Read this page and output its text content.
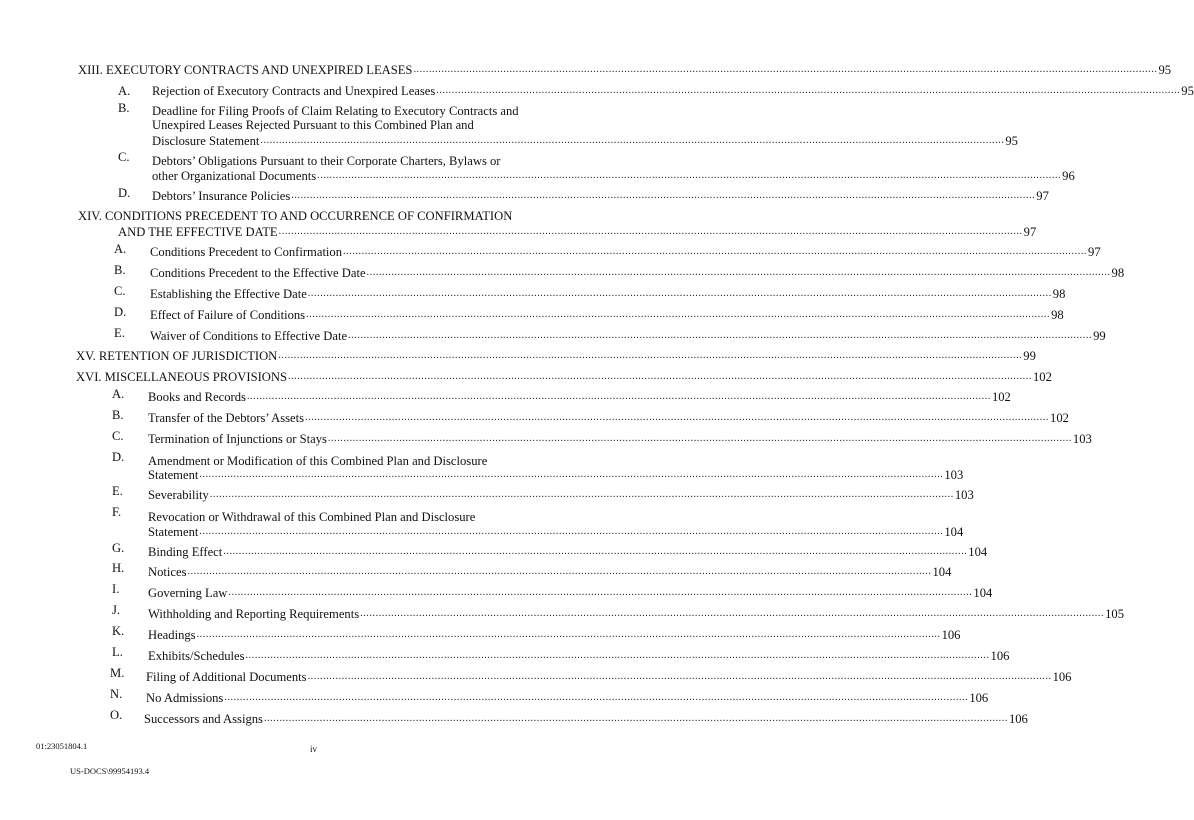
XIII. EXECUTORY CONTRACTS AND UNEXPIRED LEASES ................................................................................................................................................................................................................................................ 95
A. Rejection of Executory Contracts and Unexpired Leases ................................................................................................................................................................................................................................................ 95
B. Deadline for Filing Proofs of Claim Relating to Executory Contracts and
Unexpired Leases Rejected Pursuant to this Combined Plan and
Disclosure Statement ................................................................................................................................................................................................................................................ 95
C. Debtors’ Obligations Pursuant to their Corporate Charters, Bylaws or
other Organizational Documents ................................................................................................................................................................................................................................................ 96
D. Debtors’ Insurance Policies ................................................................................................................................................................................................................................................ 97
XIV. CONDITIONS PRECEDENT TO AND OCCURRENCE OF CONFIRMATION
AND THE EFFECTIVE DATE ................................................................................................................................................................................................................................................ 97
A. Conditions Precedent to Confirmation ................................................................................................................................................................................................................................................ 97
B. Conditions Precedent to the Effective Date ................................................................................................................................................................................................................................................ 98
C. Establishing the Effective Date ................................................................................................................................................................................................................................................ 98
D. Effect of Failure of Conditions ................................................................................................................................................................................................................................................ 98
E. Waiver of Conditions to Effective Date ................................................................................................................................................................................................................................................ 99
XV. RETENTION OF JURISDICTION ................................................................................................................................................................................................................................................ 99
XVI. MISCELLANEOUS PROVISIONS ................................................................................................................................................................................................................................................ 102
A. Books and Records ................................................................................................................................................................................................................................................ 102
B. Transfer of the Debtors’ Assets ................................................................................................................................................................................................................................................ 102
C. Termination of Injunctions or Stays ................................................................................................................................................................................................................................................ 103
D. Amendment or Modification of this Combined Plan and Disclosure
Statement ................................................................................................................................................................................................................................................ 103
E. Severability ................................................................................................................................................................................................................................................ 103
F. Revocation or Withdrawal of this Combined Plan and Disclosure
Statement ................................................................................................................................................................................................................................................ 104
G. Binding Effect ................................................................................................................................................................................................................................................ 104
H. Notices ................................................................................................................................................................................................................................................ 104
I. Governing Law ................................................................................................................................................................................................................................................ 104
J. Withholding and Reporting Requirements ................................................................................................................................................................................................................................................ 105
K. Headings ................................................................................................................................................................................................................................................ 106
L. Exhibits/Schedules ................................................................................................................................................................................................................................................ 106
M. Filing of Additional Documents ................................................................................................................................................................................................................................................ 106
N. No Admissions ................................................................................................................................................................................................................................................ 106
O. Successors and Assigns ................................................................................................................................................................................................................................................ 106
iv
01:23051804.1
US-DOCS\99954193.4
